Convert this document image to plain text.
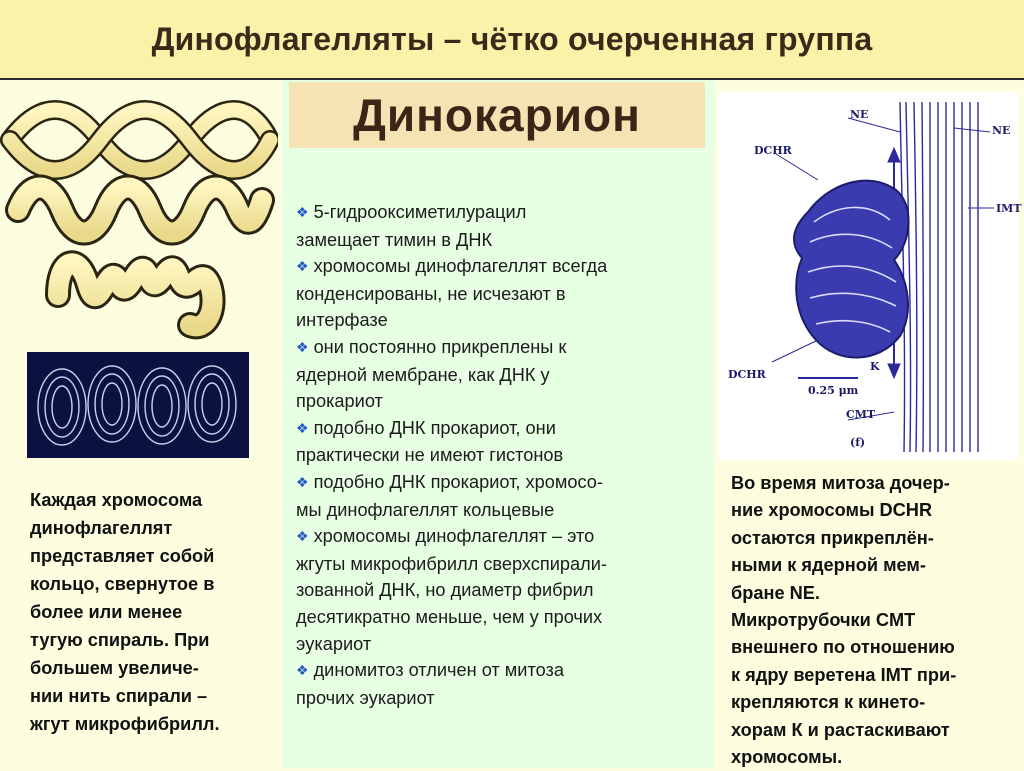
Динофлагелляты – чётко очерченная группа
Каждая хромосома
динофлагеллят
представляет собой
кольцо, свернутое в
более или менее
тугую спираль. При
большем увеличе-
нии нить спирали –
жгут микрофибрилл.
Динокарион
❖ 5-гидрооксиметилурацил
замещает тимин в ДНК
❖ хромосомы динофлагеллят всегда
конденсированы, не исчезают в
интерфазе
❖ они постоянно прикреплены к
ядерной мембране, как ДНК у
прокариот
❖ подобно ДНК прокариот, они
практически не имеют гистонов
❖ подобно ДНК прокариот, хромосо-
мы динофлагеллят кольцевые
❖ хромосомы динофлагеллят – это
жгуты микрофибрилл сверхспирали-
зованной ДНК, но диаметр фибрил
десятикратно меньше, чем у прочих
эукариот
❖ диномитоз отличен от митоза
прочих эукариот
NE
NE
DCHR
IMT
K
DCHR
0.25 μm
CMT
(f)
Во время митоза дочер-
ние хромосомы DCHR
остаются прикреплён-
ными к ядерной мем-
бране NE.
Микротрубочки CMT
внешнего по отношению
к ядру веретена IMT при-
крепляются к кинето-
хорам К и растаскивают
хромосомы.
